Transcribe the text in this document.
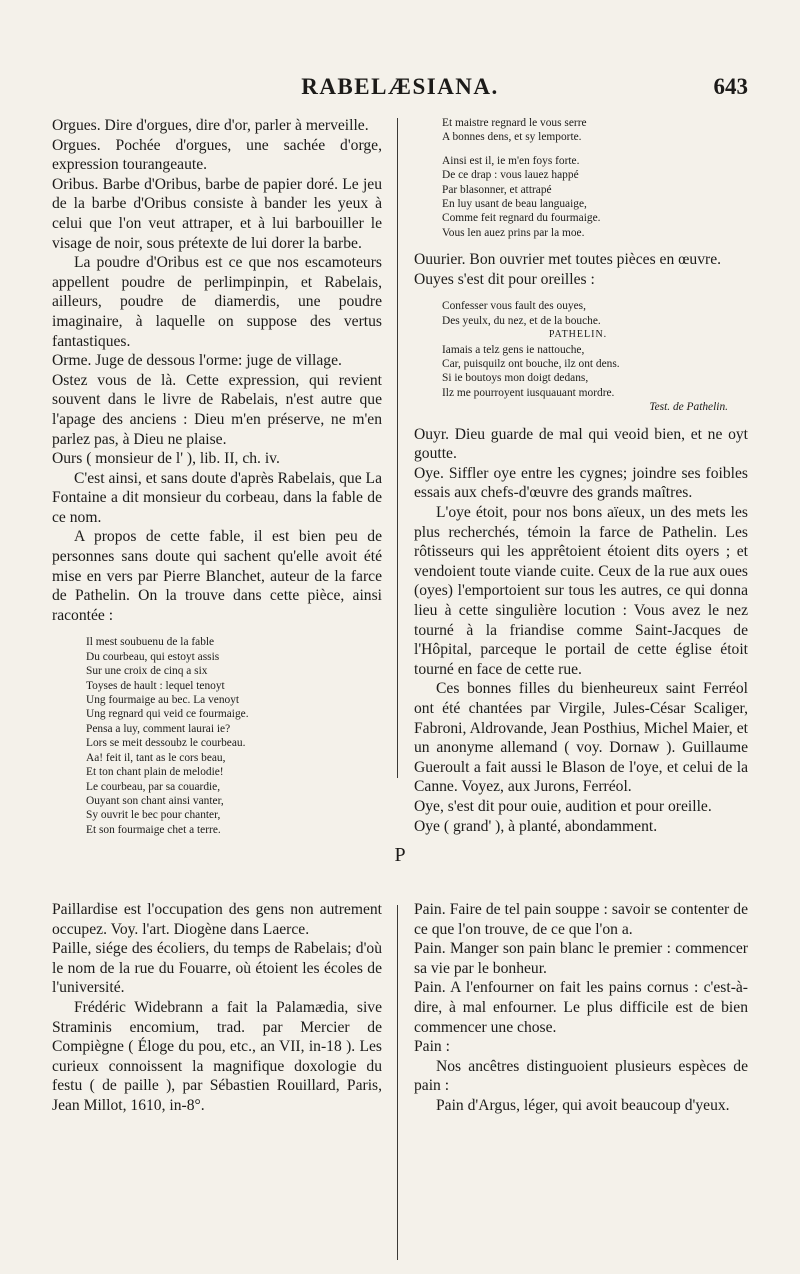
RABELÆSIANA.	643

Orgues. Dire d'orgues, dire d'or, parler à merveille.

Orgues. Pochée d'orgues, une sachée d'orge, expression tourangeaute.

Oribus. Barbe d'Oribus, barbe de papier doré. Le jeu de la barbe d'Oribus consiste à bander les yeux à celui que l'on veut attraper, et à lui barbouiller le visage de noir, sous prétexte de lui dorer la barbe.

La poudre d'Oribus est ce que nos escamoteurs appellent poudre de perlimpinpin, et Rabelais, ailleurs, poudre de diamerdis, une poudre imaginaire, à laquelle on suppose des vertus fantastiques.

Orme. Juge de dessous l'orme: juge de village.

Ostez vous de là. Cette expression, qui revient souvent dans le livre de Rabelais, n'est autre que l'apage des anciens : Dieu m'en préserve, ne m'en parlez pas, à Dieu ne plaise.

Ours ( monsieur de l' ), lib. II, ch. iv.

C'est ainsi, et sans doute d'après Rabelais, que La Fontaine a dit monsieur du corbeau, dans la fable de ce nom.

A propos de cette fable, il est bien peu de personnes sans doute qui sachent qu'elle avoit été mise en vers par Pierre Blanchet, auteur de la farce de Pathelin. On la trouve dans cette pièce, ainsi racontée :

Il mest soubuenu de la fable
Du courbeau, qui estoyt assis
Sur une croix de cinq a six
Toyses de hault : lequel tenoyt
Ung fourmaige au bec. La venoyt
Ung regnard qui veid ce fourmaige.
Pensa a luy, comment laurai ie?
Lors se meit dessoubz le courbeau.
Aa! feit il, tant as le cors beau,
Et ton chant plain de melodie!
Le courbeau, par sa couardie,
Ouyant son chant ainsi vanter,
Sy ouvrit le bec pour chanter,
Et son fourmaige chet a terre.
Et maistre regnard le vous serre
A bonnes dens, et sy lemporte.
Ainsi est il, ie m'en foys forte.
De ce drap : vous lauez happé
Par blasonner, et attrapé
En luy usant de beau languaige,
Comme feit regnard du fourmaige.
Vous len auez prins par la moe.

Ouurier. Bon ouvrier met toutes pièces en œuvre.

Ouyes s'est dit pour oreilles :

Confesser vous fault des ouyes,
Des yeulx, du nez, et de la bouche.
PATHELIN.
Iamais a telz gens ie nattouche,
Car, puisquilz ont bouche, ilz ont dens.
Si ie boutoys mon doigt dedans,
Ilz me pourroyent iusquauant mordre.
Test. de Pathelin.

Ouyr. Dieu guarde de mal qui veoid bien, et ne oyt goutte.

Oye. Siffler oye entre les cygnes; joindre ses foibles essais aux chefs-d'œuvre des grands maîtres.

L'oye étoit, pour nos bons aïeux, un des mets les plus recherchés, témoin la farce de Pathelin. Les rôtisseurs qui les apprêtoient étoient dits oyers ; et vendoient toute viande cuite. Ceux de la rue aux oues (oyes) l'emportoient sur tous les autres, ce qui donna lieu à cette singulière locution : Vous avez le nez tourné à la friandise comme Saint-Jacques de l'Hôpital, parceque le portail de cette église étoit tourné en face de cette rue.

Ces bonnes filles du bienheureux saint Ferréol ont été chantées par Virgile, Jules-César Scaliger, Fabroni, Aldrovande, Jean Posthius, Michel Maier, et un anonyme allemand ( voy. Dornaw ). Guillaume Gueroult a fait aussi le Blason de l'oye, et celui de la Canne. Voyez, aux Jurons, Ferréol.

Oye, s'est dit pour ouie, audition et pour oreille.

Oye ( grand' ), à planté, abondamment.

P

Paillardise est l'occupation des gens non autrement occupez. Voy. l'art. Diogène dans Laerce.

Paille, siége des écoliers, du temps de Rabelais; d'où le nom de la rue du Fouarre, où étoient les écoles de l'université.

Frédéric Widebrann a fait la Palamædia, sive Straminis encomium, trad. par Mercier de Compiègne ( Éloge du pou, etc., an VII, in-18 ). Les curieux connoissent la magnifique doxologie du festu ( de paille ), par Sébastien Rouillard, Paris, Jean Millot, 1610, in-8°.

Pain. Faire de tel pain souppe : savoir se contenter de ce que l'on trouve, de ce que l'on a.

Pain. Manger son pain blanc le premier : commencer sa vie par le bonheur.

Pain. A l'enfourner on fait les pains cornus : c'est-à-dire, à mal enfourner. Le plus difficile est de bien commencer une chose.

Pain :

Nos ancêtres distinguoient plusieurs espèces de pain :

Pain d'Argus, léger, qui avoit beaucoup d'yeux.
